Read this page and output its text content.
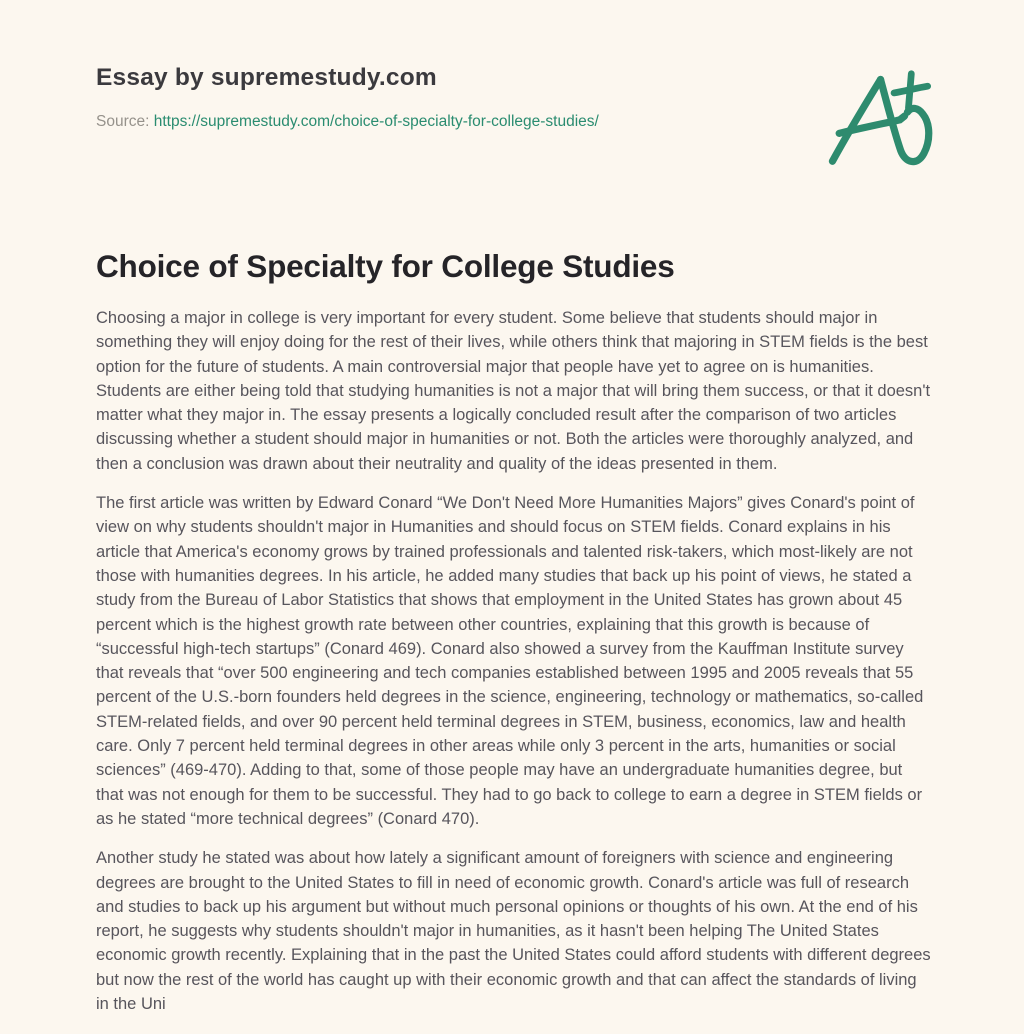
Essay by supremestudy.com
Source: https://supremestudy.com/choice-of-specialty-for-college-studies/
Choice of Specialty for College Studies

Choosing a major in college is very important for every student. Some believe that students should major in something they will enjoy doing for the rest of their lives, while others think that majoring in STEM fields is the best option for the future of students. A main controversial major that people have yet to agree on is humanities. Students are either being told that studying humanities is not a major that will bring them success, or that it doesn't matter what they major in. The essay presents a logically concluded result after the comparison of two articles discussing whether a student should major in humanities or not. Both the articles were thoroughly analyzed, and then a conclusion was drawn about their neutrality and quality of the ideas presented in them.

The first article was written by Edward Conard “We Don't Need More Humanities Majors” gives Conard's point of view on why students shouldn't major in Humanities and should focus on STEM fields. Conard explains in his article that America's economy grows by trained professionals and talented risk-takers, which most-likely are not those with humanities degrees. In his article, he added many studies that back up his point of views, he stated a study from the Bureau of Labor Statistics that shows that employment in the United States has grown about 45 percent which is the highest growth rate between other countries, explaining that this growth is because of “successful high-tech startups” (Conard 469). Conard also showed a survey from the Kauffman Institute survey that reveals that “over 500 engineering and tech companies established between 1995 and 2005 reveals that 55 percent of the U.S.-born founders held degrees in the science, engineering, technology or mathematics, so-called STEM-related fields, and over 90 percent held terminal degrees in STEM, business, economics, law and health care. Only 7 percent held terminal degrees in other areas while only 3 percent in the arts, humanities or social sciences” (469-470). Adding to that, some of those people may have an undergraduate humanities degree, but that was not enough for them to be successful. They had to go back to college to earn a degree in STEM fields or as he stated “more technical degrees” (Conard 470).

Another study he stated was about how lately a significant amount of foreigners with science and engineering degrees are brought to the United States to fill in need of economic growth. Conard's article was full of research and studies to back up his argument but without much personal opinions or thoughts of his own. At the end of his report, he suggests why students shouldn't major in humanities, as it hasn't been helping The United States economic growth recently. Explaining that in the past the United States could afford students with different degrees but now the rest of the world has caught up with their economic growth and that can affect the standards of living in the Uni
